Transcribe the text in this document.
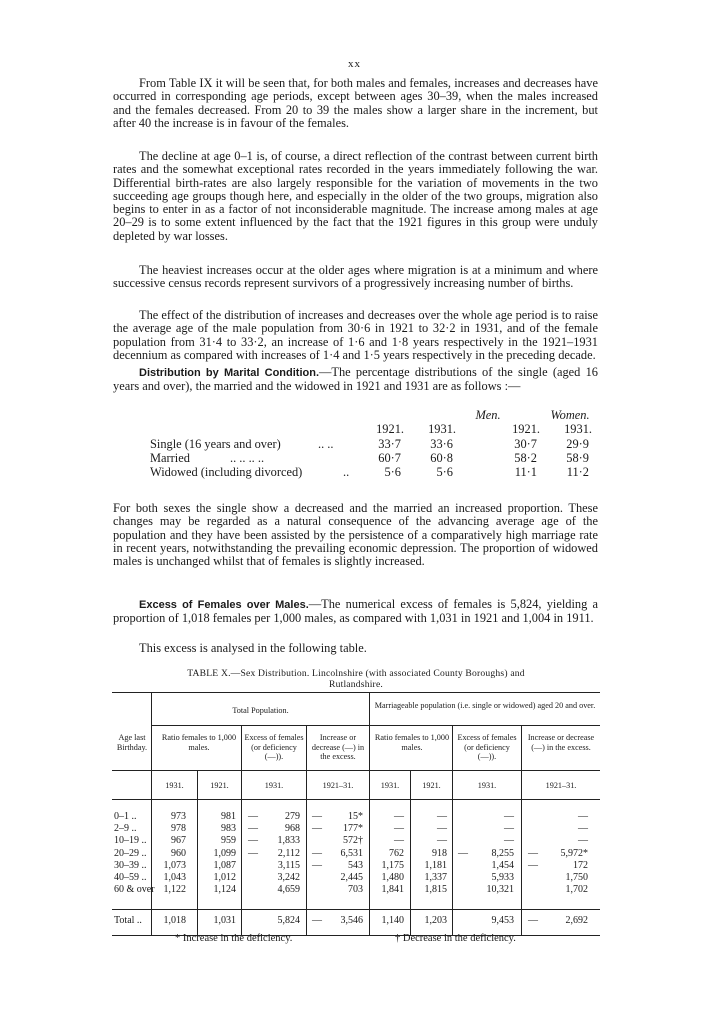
xx

From Table IX it will be seen that, for both males and females, increases and decreases have occurred in corresponding age periods, except between ages 30–39, when the males increased and the females decreased. From 20 to 39 the males show a larger share in the increment, but after 40 the increase is in favour of the females.

The decline at age 0–1 is, of course, a direct reflection of the contrast between current birth rates and the somewhat exceptional rates recorded in the years immediately following the war. Differential birth-rates are also largely responsible for the variation of movements in the two succeeding age groups though here, and especially in the older of the two groups, migration also begins to enter in as a factor of not inconsiderable magnitude. The increase among males at age 20–29 is to some extent influenced by the fact that the 1921 figures in this group were unduly depleted by war losses.

The heaviest increases occur at the older ages where migration is at a minimum and where successive census records represent survivors of a progressively increasing number of births.

The effect of the distribution of increases and decreases over the whole age period is to raise the average age of the male population from 30·6 in 1921 to 32·2 in 1931, and of the female population from 31·4 to 33·2, an increase of 1·6 and 1·8 years respectively in the 1921–1931 decennium as compared with increases of 1·4 and 1·5 years respectively in the preceding decade.

Distribution by Marital Condition.—The percentage distributions of the single (aged 16 years and over), the married and the widowed in 1921 and 1931 are as follows :—

Men.	Women.
1921.	1931.	1921.	1931.
Single (16 years and over)	.. ..	33·7	33·6	30·7	29·9
Married	.. .. .. ..	60·7	60·8	58·2	58·9
Widowed (including divorced)	..	5·6	5·6	11·1	11·2

For both sexes the single show a decreased and the married an increased proportion. These changes may be regarded as a natural consequence of the advancing average age of the population and they have been assisted by the persistence of a comparatively high marriage rate in recent years, notwithstanding the prevailing economic depression. The proportion of widowed males is unchanged whilst that of females is slightly increased.

Excess of Females over Males.—The numerical excess of females is 5,824, yielding a proportion of 1,018 females per 1,000 males, as compared with 1,031 in 1921 and 1,004 in 1911.

This excess is analysed in the following table.

TABLE X.—Sex Distribution. Lincolnshire (with associated County Boroughs) and
Rutlandshire.
Total Population.
Marriageable population (i.e. single or widowed) aged 20 and over.
Age last Birthday.
Ratio females to 1,000 males.
Excess of females (or deficiency (—)).
Increase or decrease (—) in the excess.
Ratio females to 1,000 males.
Excess of females (or deficiency (—)).
Increase or decrease (—) in the excess.
1931.	1921.	1931.	1921–31.	1931.	1921.	1931.	1921–31.
0–1 ..	973	981 —	279 —	15*	—	—	—	—
2–9 ..	978	983 —	968 —	177*	—	—	—	—
10–19 ..	967	959 —	1,833	572†	—	—	—	—
20–29 ..	960	1,099 —	2,112 —	6,531	762	918 —	8,255 —	5,972*
30–39 ..	1,073	1,087	3,115 —	543	1,175	1,181	1,454 —	172
40–59 ..	1,043	1,012	3,242	2,445	1,480	1,337	5,933	1,750
60 & over 1,122	1,124	4,659	703	1,841	1,815	10,321	1,702
Total ..	1,018	1,031	5,824 —	3,546	1,140	1,203	9,453 —	2,692
* Increase in the deficiency.	† Decrease in the deficiency.
